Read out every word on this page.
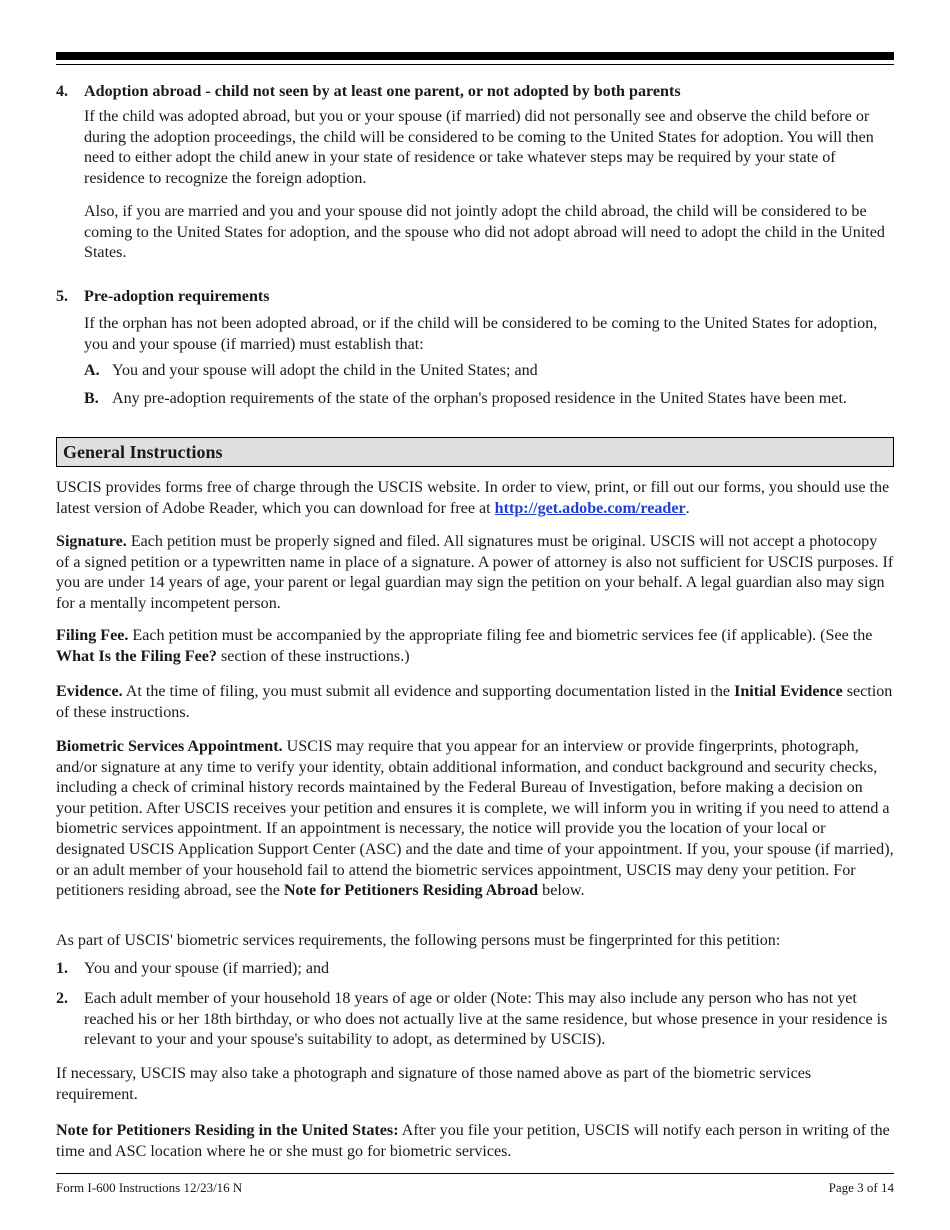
4. Adoption abroad - child not seen by at least one parent, or not adopted by both parents

If the child was adopted abroad, but you or your spouse (if married) did not personally see and observe the child before or during the adoption proceedings, the child will be considered to be coming to the United States for adoption. You will then need to either adopt the child anew in your state of residence or take whatever steps may be required by your state of residence to recognize the foreign adoption.

Also, if you are married and you and your spouse did not jointly adopt the child abroad, the child will be considered to be coming to the United States for adoption, and the spouse who did not adopt abroad will need to adopt the child in the United States.

5. Pre-adoption requirements

If the orphan has not been adopted abroad, or if the child will be considered to be coming to the United States for adoption, you and your spouse (if married) must establish that:

A. You and your spouse will adopt the child in the United States; and

B. Any pre-adoption requirements of the state of the orphan's proposed residence in the United States have been met.

General Instructions

USCIS provides forms free of charge through the USCIS website. In order to view, print, or fill out our forms, you should use the latest version of Adobe Reader, which you can download for free at http://get.adobe.com/reader.

Signature. Each petition must be properly signed and filed. All signatures must be original. USCIS will not accept a photocopy of a signed petition or a typewritten name in place of a signature. A power of attorney is also not sufficient for USCIS purposes. If you are under 14 years of age, your parent or legal guardian may sign the petition on your behalf. A legal guardian also may sign for a mentally incompetent person.

Filing Fee. Each petition must be accompanied by the appropriate filing fee and biometric services fee (if applicable). (See the What Is the Filing Fee? section of these instructions.)

Evidence. At the time of filing, you must submit all evidence and supporting documentation listed in the Initial Evidence section of these instructions.

Biometric Services Appointment. USCIS may require that you appear for an interview or provide fingerprints, photograph, and/or signature at any time to verify your identity, obtain additional information, and conduct background and security checks, including a check of criminal history records maintained by the Federal Bureau of Investigation, before making a decision on your petition. After USCIS receives your petition and ensures it is complete, we will inform you in writing if you need to attend a biometric services appointment. If an appointment is necessary, the notice will provide you the location of your local or designated USCIS Application Support Center (ASC) and the date and time of your appointment. If you, your spouse (if married), or an adult member of your household fail to attend the biometric services appointment, USCIS may deny your petition. For petitioners residing abroad, see the Note for Petitioners Residing Abroad below.

As part of USCIS' biometric services requirements, the following persons must be fingerprinted for this petition:

1. You and your spouse (if married); and

2. Each adult member of your household 18 years of age or older (Note: This may also include any person who has not yet reached his or her 18th birthday, or who does not actually live at the same residence, but whose presence in your residence is relevant to your and your spouse's suitability to adopt, as determined by USCIS).

If necessary, USCIS may also take a photograph and signature of those named above as part of the biometric services requirement.

Note for Petitioners Residing in the United States: After you file your petition, USCIS will notify each person in writing of the time and ASC location where he or she must go for biometric services.

Form I-600 Instructions 12/23/16 N	Page 3 of 14
